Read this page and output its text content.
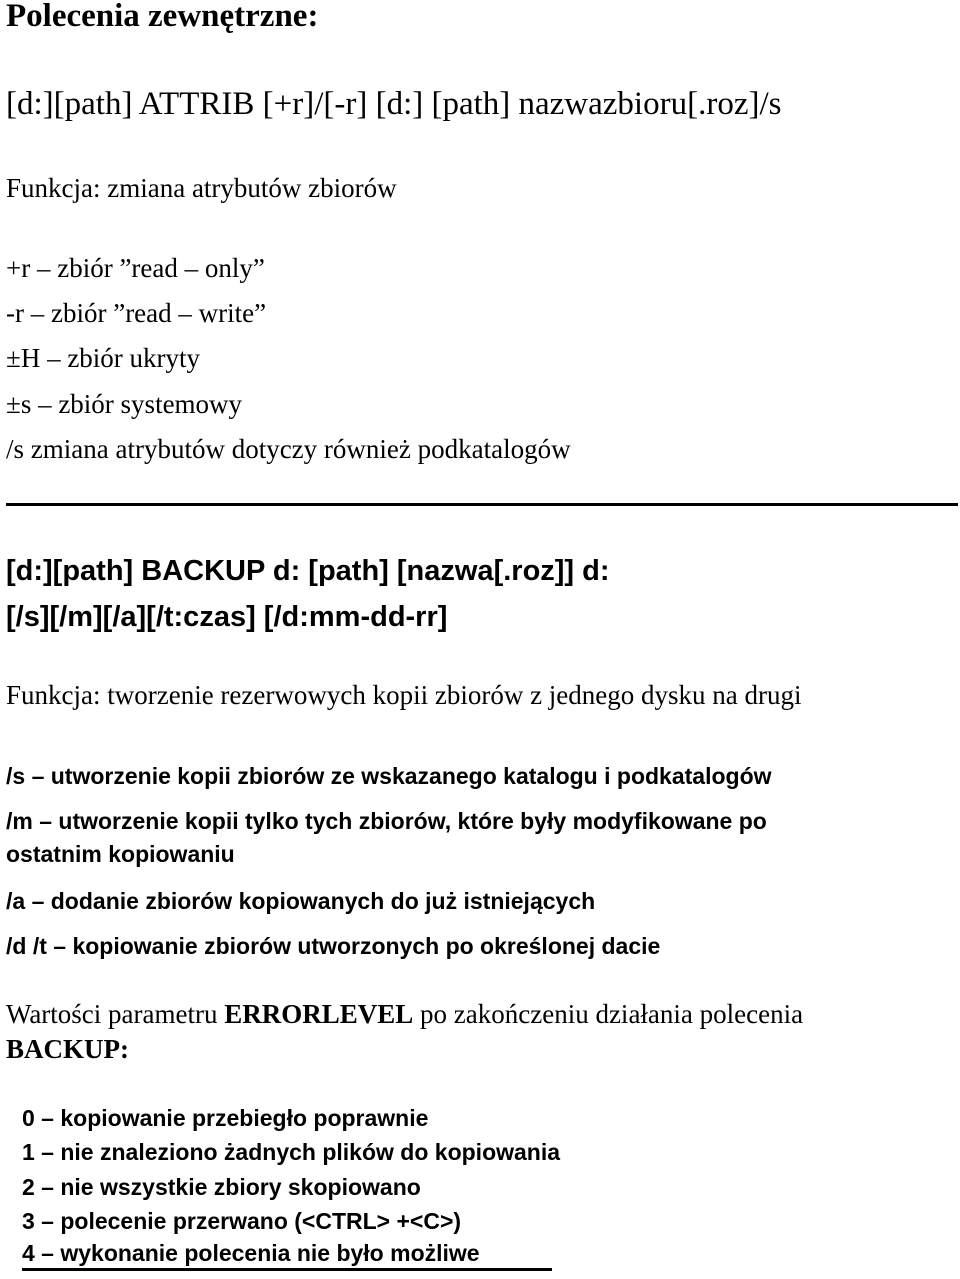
Polecenia zewnętrzne:
[d:][path] ATTRIB [+r]/[-r] [d:] [path] nazwazbioru[.roz]/s
Funkcja: zmiana atrybutów zbiorów
+r – zbiór ”read – only”
-r – zbiór ”read – write”
±H – zbiór ukryty
±s – zbiór systemowy
/s zmiana atrybutów dotyczy również podkatalogów
[d:][path] BACKUP d: [path] [nazwa[.roz]] d:
[/s][/m][/a][/t:czas] [/d:mm-dd-rr]
Funkcja: tworzenie rezerwowych kopii zbiorów z jednego dysku na drugi
/s – utworzenie kopii zbiorów ze wskazanego katalogu i podkatalogów
/m – utworzenie kopii tylko tych zbiorów, które były modyfikowane po
ostatnim kopiowaniu
/a – dodanie zbiorów kopiowanych do już istniejących
/d /t – kopiowanie zbiorów utworzonych po określonej dacie
Wartości parametru ERRORLEVEL po zakończeniu działania polecenia
BACKUP:
0 – kopiowanie przebiegło poprawnie
1 – nie znaleziono żadnych plików do kopiowania
2 – nie wszystkie zbiory skopiowano
3 – polecenie przerwano (<CTRL> +<C>)
4 – wykonanie polecenia nie było możliwe
